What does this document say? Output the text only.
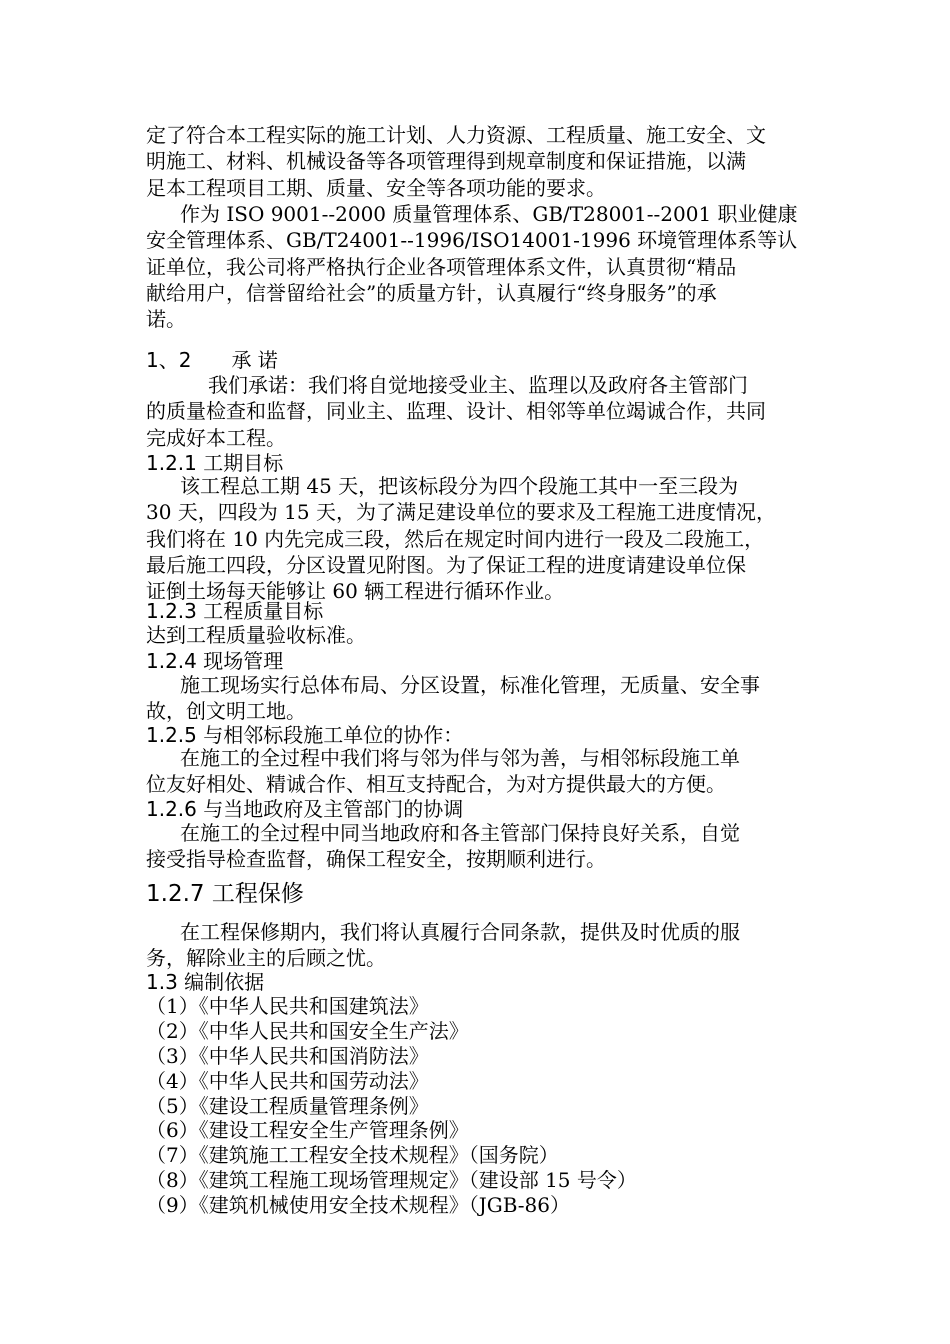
定了符合本工程实际的施工计划、人力资源、工程质量、施工安全、文
明施工、材料、机械设备等各项管理得到规章制度和保证措施，以满
足本工程项目工期、质量、安全等各项功能的要求。
作为 ISO 9001--2000 质量管理体系、GB/T28001--2001 职业健康
安全管理体系、GB/T24001--1996/ISO14001-1996 环境管理体系等认
证单位，我公司将严格执行企业各项管理体系文件，认真贯彻“精品
献给用户，信誉留给社会”的质量方针，认真履行“终身服务”的承
诺。
1、2　　承 诺
我们承诺：我们将自觉地接受业主、监理以及政府各主管部门
的质量检查和监督，同业主、监理、设计、相邻等单位竭诚合作，共同
完成好本工程。
1.2.1 工期目标
该工程总工期 45 天，把该标段分为四个段施工其中一至三段为
30 天，四段为 15 天，为了满足建设单位的要求及工程施工进度情况，
我们将在 10 内先完成三段，然后在规定时间内进行一段及二段施工，
最后施工四段，分区设置见附图。为了保证工程的进度请建设单位保
证倒土场每天能够让 60 辆工程进行循环作业。
1.2.3 工程质量目标
达到工程质量验收标准。
1.2.4 现场管理
施工现场实行总体布局、分区设置，标准化管理，无质量、安全事
故，创文明工地。
1.2.5 与相邻标段施工单位的协作：
在施工的全过程中我们将与邻为伴与邻为善，与相邻标段施工单
位友好相处、精诚合作、相互支持配合，为对方提供最大的方便。
1.2.6 与当地政府及主管部门的协调
在施工的全过程中同当地政府和各主管部门保持良好关系，自觉
接受指导检查监督，确保工程安全，按期顺利进行。
1.2.7 工程保修
在工程保修期内，我们将认真履行合同条款，提供及时优质的服
务，解除业主的后顾之忧。
1.3 编制依据
（1）《中华人民共和国建筑法》
（2）《中华人民共和国安全生产法》
（3）《中华人民共和国消防法》
（4）《中华人民共和国劳动法》
（5）《建设工程质量管理条例》
（6）《建设工程安全生产管理条例》
（7）《建筑施工工程安全技术规程》（国务院）
（8）《建筑工程施工现场管理规定》（建设部 15 号令）
（9）《建筑机械使用安全技术规程》（JGB-86）
